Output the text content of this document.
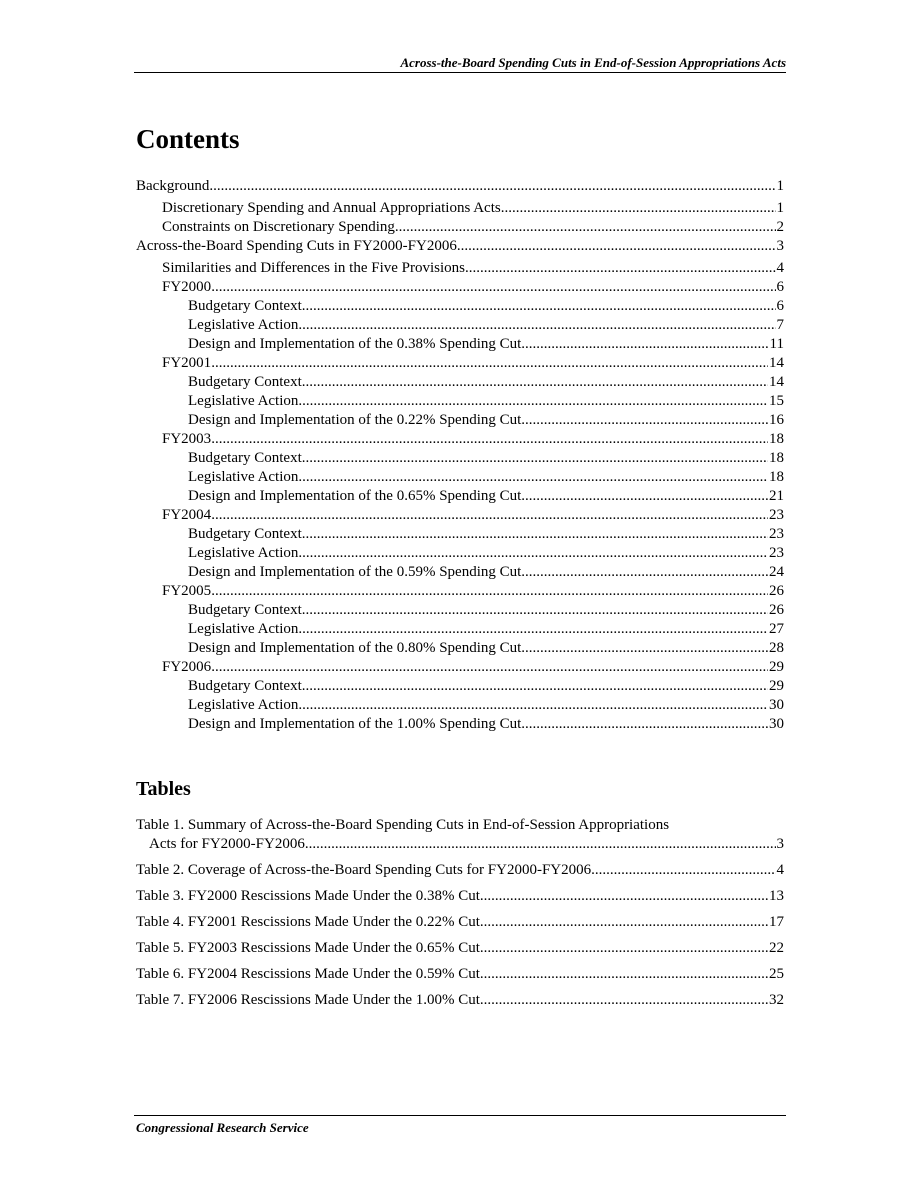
Across-the-Board Spending Cuts in End-of-Session Appropriations Acts
Contents
Background .....	1
Discretionary Spending and Annual Appropriations Acts .....	1
Constraints on Discretionary Spending .....	2
Across-the-Board Spending Cuts in FY2000-FY2006 .....	3
Similarities and Differences in the Five Provisions .....	4
FY2000 .....	6
Budgetary Context .....	6
Legislative Action .....	7
Design and Implementation of the 0.38% Spending Cut .....	11
FY2001 .....	14
Budgetary Context .....	14
Legislative Action .....	15
Design and Implementation of the 0.22% Spending Cut .....	16
FY2003 .....	18
Budgetary Context .....	18
Legislative Action .....	18
Design and Implementation of the 0.65% Spending Cut .....	21
FY2004 .....	23
Budgetary Context .....	23
Legislative Action .....	23
Design and Implementation of the 0.59% Spending Cut .....	24
FY2005 .....	26
Budgetary Context .....	26
Legislative Action .....	27
Design and Implementation of the 0.80% Spending Cut .....	28
FY2006 .....	29
Budgetary Context .....	29
Legislative Action .....	30
Design and Implementation of the 1.00% Spending Cut .....	30
Tables
Table 1. Summary of Across-the-Board Spending Cuts in End-of-Session Appropriations
Acts for FY2000-FY2006 .....	3
Table 2. Coverage of Across-the-Board Spending Cuts for FY2000-FY2006 .....	4
Table 3. FY2000 Rescissions Made Under the 0.38% Cut .....	13
Table 4. FY2001 Rescissions Made Under the 0.22% Cut .....	17
Table 5. FY2003 Rescissions Made Under the 0.65% Cut .....	22
Table 6. FY2004 Rescissions Made Under the 0.59% Cut .....	25
Table 7. FY2006 Rescissions Made Under the 1.00% Cut .....	32
Congressional Research Service
